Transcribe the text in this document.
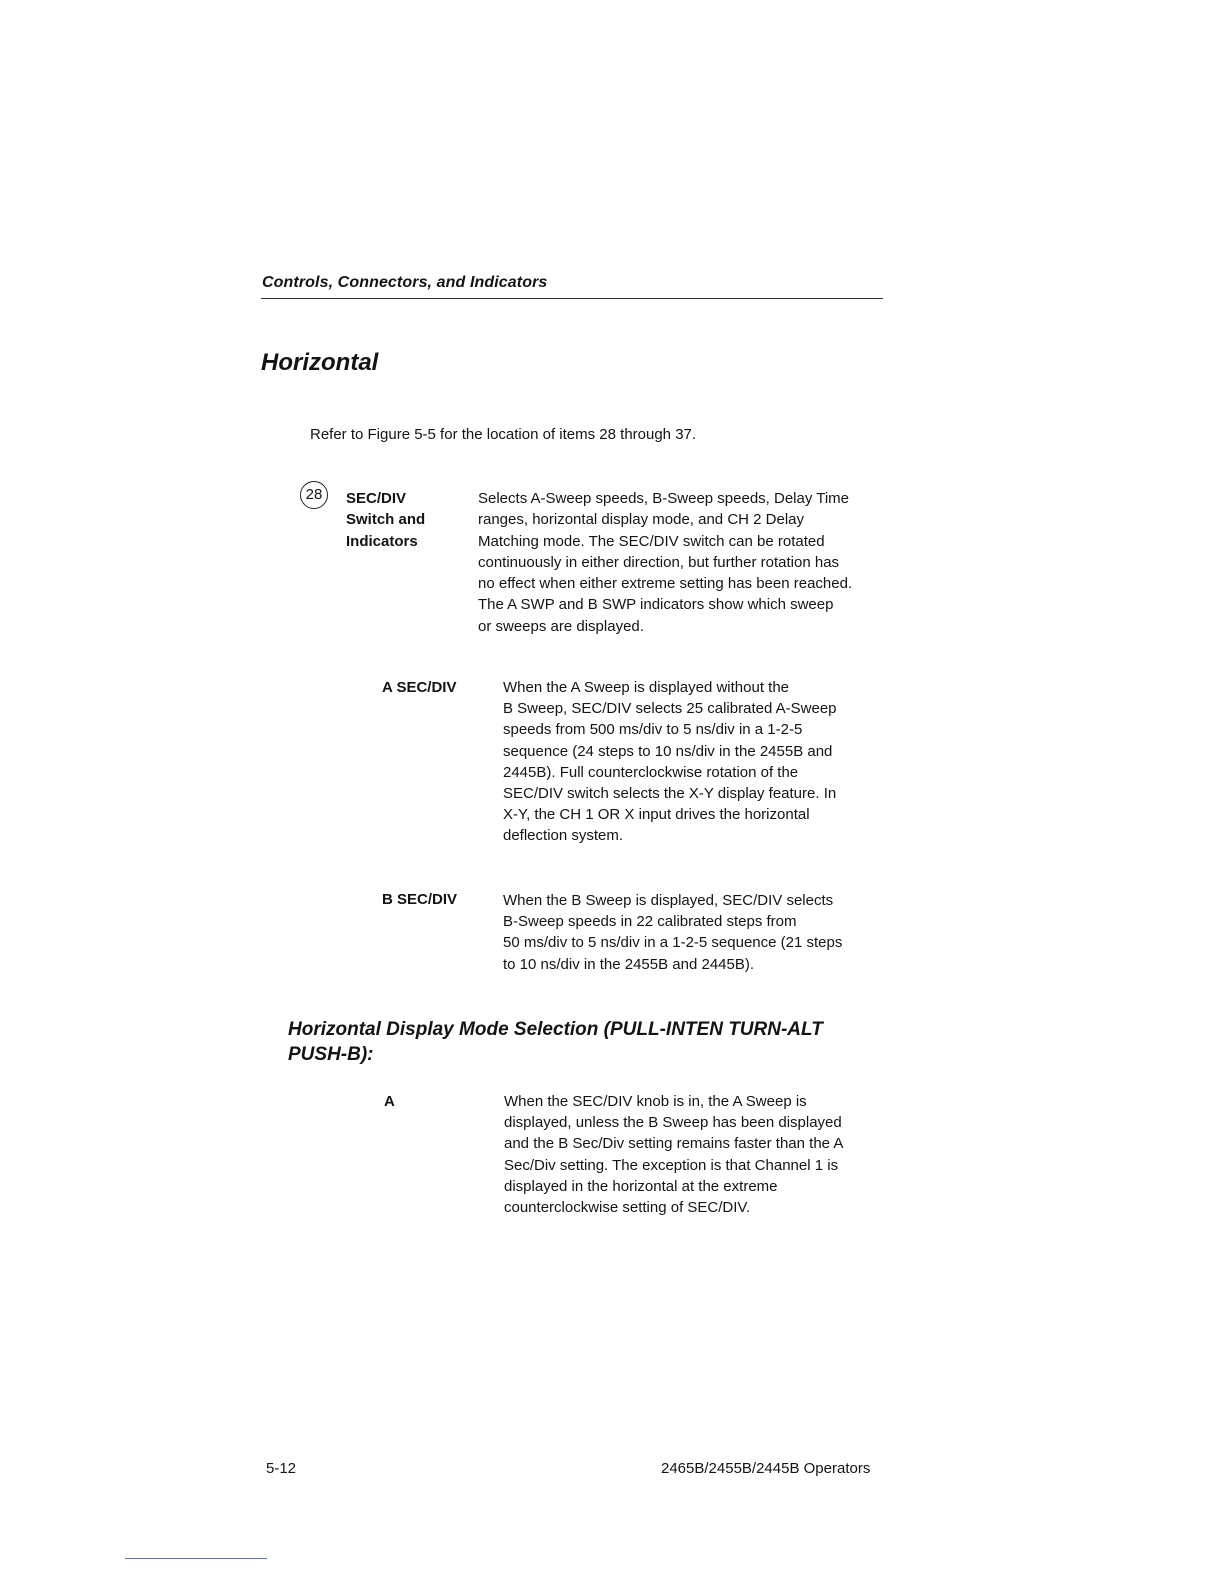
Controls, Connectors, and Indicators
Horizontal
Refer to Figure 5-5 for the location of items 28 through 37.
28	SEC/DIV
Switch and
Indicators
Selects A-Sweep speeds, B-Sweep speeds, Delay Time
ranges, horizontal display mode, and CH 2 Delay
Matching mode. The SEC/DIV switch can be rotated
continuously in either direction, but further rotation has
no effect when either extreme setting has been reached.
The A SWP and B SWP indicators show which sweep
or sweeps are displayed.
A SEC/DIV	When the A Sweep is displayed without the
B Sweep, SEC/DIV selects 25 calibrated A-Sweep
speeds from 500 ms/div to 5 ns/div in a 1-2-5
sequence (24 steps to 10 ns/div in the 2455B and
2445B). Full counterclockwise rotation of the
SEC/DIV switch selects the X-Y display feature. In
X-Y, the CH 1 OR X input drives the horizontal
deflection system.
B SEC/DIV	When the B Sweep is displayed, SEC/DIV selects
B-Sweep speeds in 22 calibrated steps from
50 ms/div to 5 ns/div in a 1-2-5 sequence (21 steps
to 10 ns/div in the 2455B and 2445B).
Horizontal Display Mode Selection (PULL-INTEN TURN-ALT
PUSH-B):
A	When the SEC/DIV knob is in, the A Sweep is
displayed, unless the B Sweep has been displayed
and the B Sec/Div setting remains faster than the A
Sec/Div setting. The exception is that Channel 1 is
displayed in the horizontal at the extreme
counterclockwise setting of SEC/DIV.
5-12	2465B/2455B/2445B Operators
